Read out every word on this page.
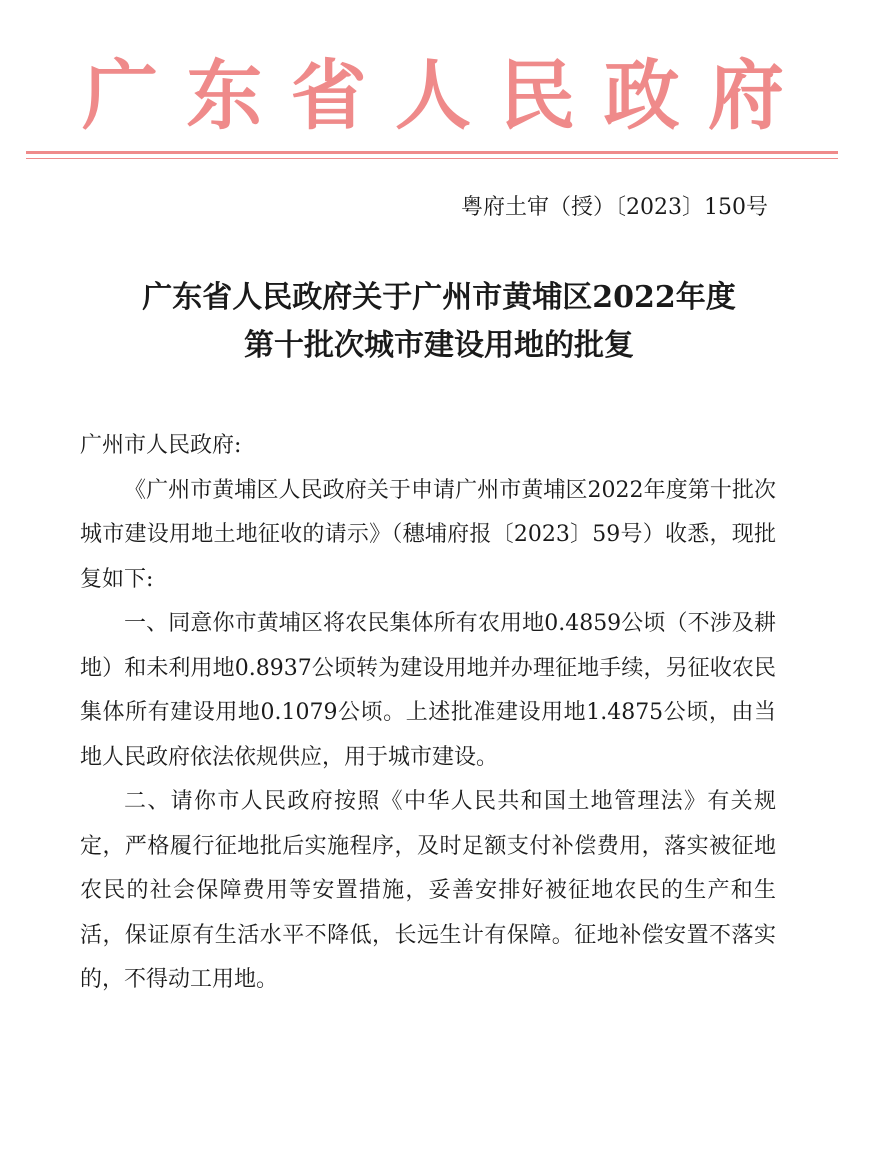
广 东 省 人 民 政 府
粤府土审（授）〔2023〕150号
广东省人民政府关于广州市黄埔区2022年度
第十批次城市建设用地的批复

广州市人民政府:

《广州市黄埔区人民政府关于申请广州市黄埔区2022年度第十批次城市建设用地土地征收的请示》（穗埔府报〔2023〕59号）收悉，现批复如下:

一、同意你市黄埔区将农民集体所有农用地0.4859公顷（不涉及耕地）和未利用地0.8937公顷转为建设用地并办理征地手续，另征收农民集体所有建设用地0.1079公顷。上述批准建设用地1.4875公顷，由当地人民政府依法依规供应，用于城市建设。

二、请你市人民政府按照《中华人民共和国土地管理法》有关规定，严格履行征地批后实施程序，及时足额支付补偿费用，落实被征地农民的社会保障费用等安置措施，妥善安排好被征地农民的生产和生活，保证原有生活水平不降低，长远生计有保障。征地补偿安置不落实的，不得动工用地。
